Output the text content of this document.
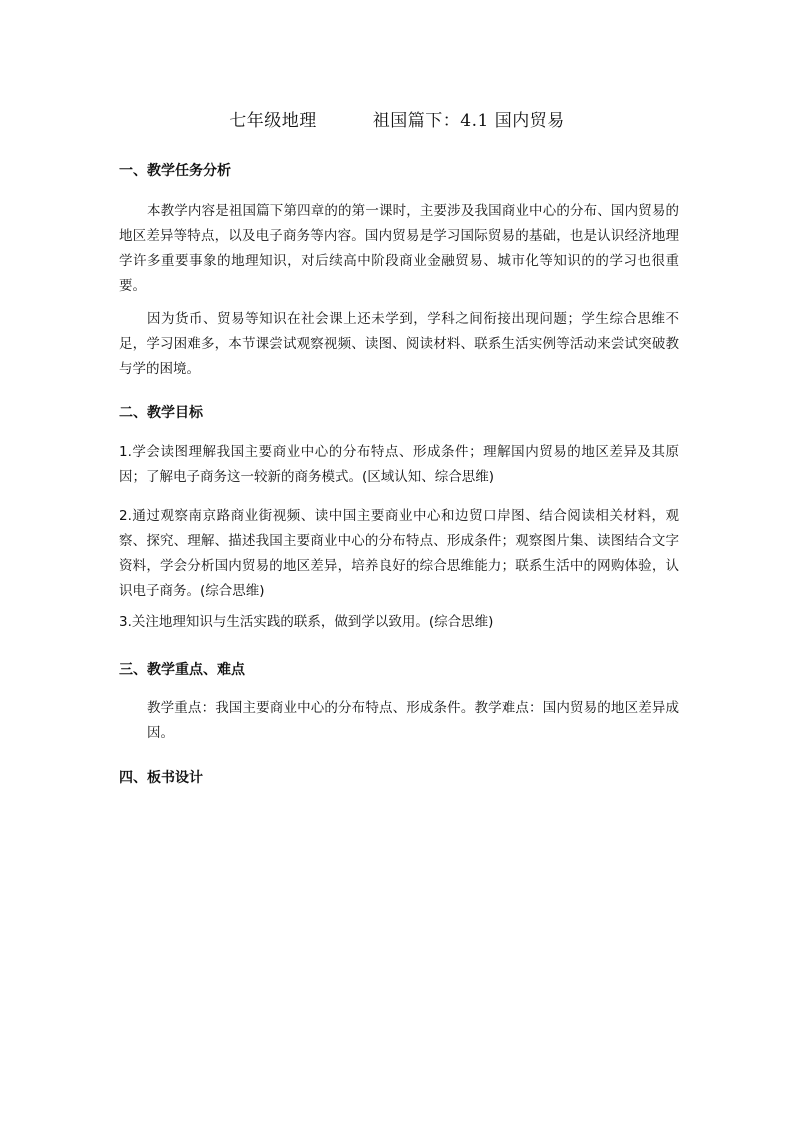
七年级地理	祖国篇下：4.1 国内贸易
一、教学任务分析
本教学内容是祖国篇下第四章的的第一课时，主要涉及我国商业中心的分布、国内贸易的地区差异等特点，以及电子商务等内容。国内贸易是学习国际贸易的基础，也是认识经济地理学许多重要事象的地理知识，对后续高中阶段商业金融贸易、城市化等知识的的学习也很重要。
因为货币、贸易等知识在社会课上还未学到，学科之间衔接出现问题；学生综合思维不足，学习困难多，本节课尝试观察视频、读图、阅读材料、联系生活实例等活动来尝试突破教与学的困境。
二、教学目标
1.学会读图理解我国主要商业中心的分布特点、形成条件；理解国内贸易的地区差异及其原因；了解电子商务这一较新的商务模式。(区域认知、综合思维)
2.通过观察南京路商业街视频、读中国主要商业中心和边贸口岸图、结合阅读相关材料，观察、探究、理解、描述我国主要商业中心的分布特点、形成条件；观察图片集、读图结合文字资料，学会分析国内贸易的地区差异，培养良好的综合思维能力；联系生活中的网购体验，认识电子商务。(综合思维)
3.关注地理知识与生活实践的联系，做到学以致用。(综合思维)
三、教学重点、难点
教学重点：我国主要商业中心的分布特点、形成条件。教学难点：国内贸易的地区差异成因。
四、板书设计
